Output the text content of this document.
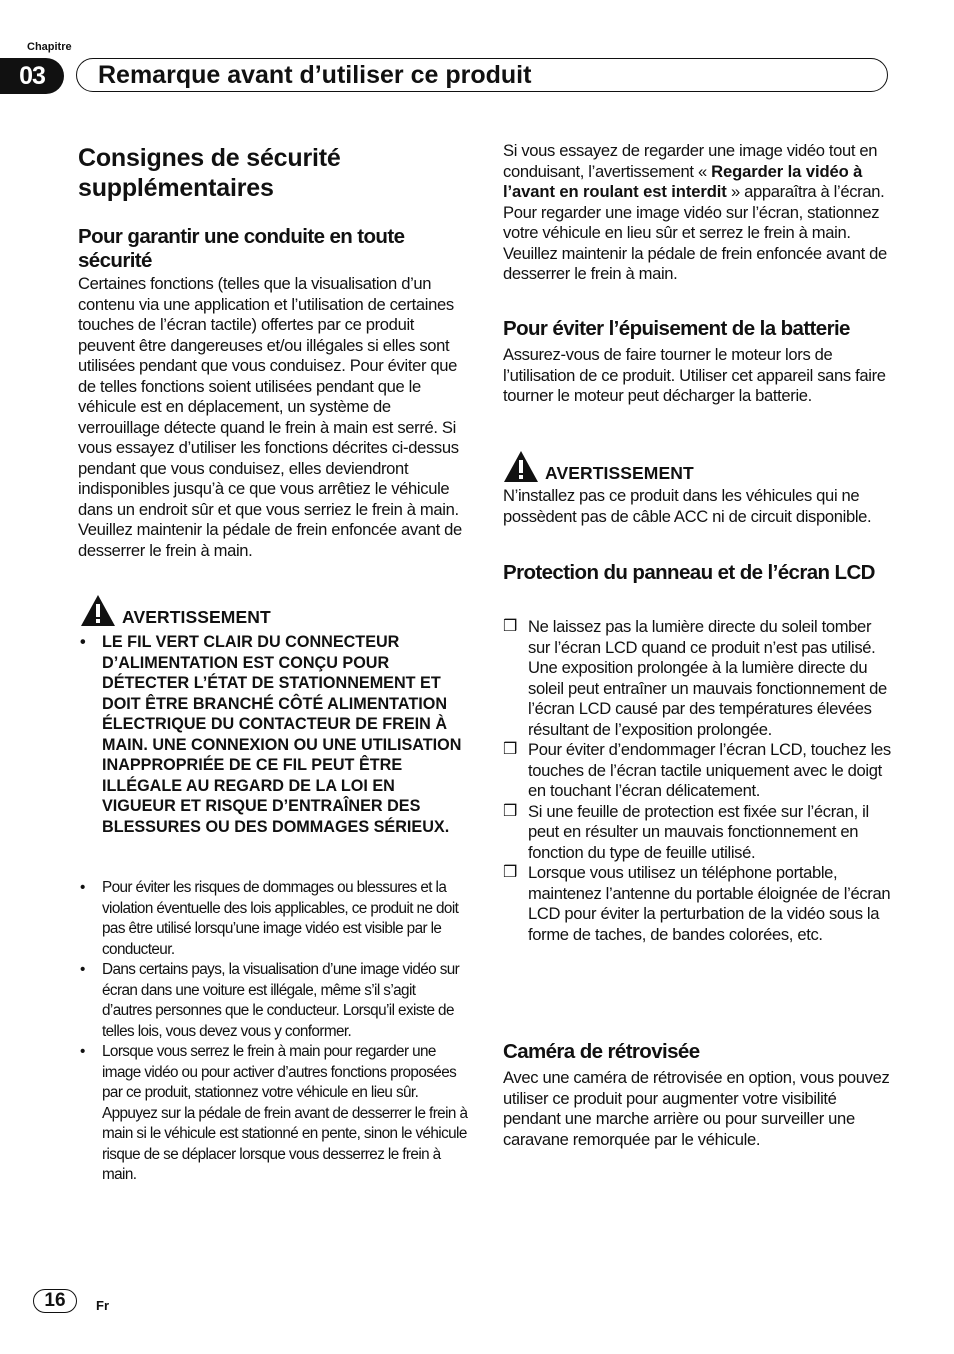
Chapitre
03	Remarque avant d’utiliser ce produit
Consignes de sécurité supplémentaires
Pour garantir une conduite en toute sécurité

Certaines fonctions (telles que la visualisation d’un contenu via une application et l’utilisation de certaines touches de l’écran tactile) offertes par ce produit peuvent être dangereuses et/ou illégales si elles sont utilisées pendant que vous conduisez. Pour éviter que de telles fonctions soient utilisées pendant que le véhicule est en déplacement, un système de verrouillage détecte quand le frein à main est serré. Si vous essayez d’utiliser les fonctions décrites ci-dessus pendant que vous conduisez, elles deviendront indisponibles jusqu’à ce que vous arrêtiez le véhicule dans un endroit sûr et que vous serriez le frein à main. Veuillez maintenir la pédale de frein enfoncée avant de desserrer le frein à main.

AVERTISSEMENT
• LE FIL VERT CLAIR DU CONNECTEUR D’ALIMENTATION EST CONÇU POUR DÉTECTER L’ÉTAT DE STATIONNEMENT ET DOIT ÊTRE BRANCHÉ CÔTÉ ALIMENTATION ÉLECTRIQUE DU CONTACTEUR DE FREIN À MAIN. UNE CONNEXION OU UNE UTILISATION INAPPROPRIÉE DE CE FIL PEUT ÊTRE ILLÉGALE AU REGARD DE LA LOI EN VIGUEUR ET RISQUE D’ENTRAÎNER DES BLESSURES OU DES DOMMAGES SÉRIEUX.
• Pour éviter les risques de dommages ou blessures et la violation éventuelle des lois applicables, ce produit ne doit pas être utilisé lorsqu’une image vidéo est visible par le conducteur.
• Dans certains pays, la visualisation d’une image vidéo sur écran dans une voiture est illégale, même s’il s’agit d’autres personnes que le conducteur. Lorsqu’il existe de telles lois, vous devez vous y conformer.
• Lorsque vous serrez le frein à main pour regarder une image vidéo ou pour activer d’autres fonctions proposées par ce produit, stationnez votre véhicule en lieu sûr. Appuyez sur la pédale de frein avant de desserrer le frein à main si le véhicule est stationné en pente, sinon le véhicule risque de se déplacer lorsque vous desserrez le frein à main.

Si vous essayez de regarder une image vidéo tout en conduisant, l’avertissement « Regarder la vidéo à l’avant en roulant est interdit » apparaîtra à l’écran. Pour regarder une image vidéo sur l’écran, stationnez votre véhicule en lieu sûr et serrez le frein à main. Veuillez maintenir la pédale de frein enfoncée avant de desserrer le frein à main.

Pour éviter l’épuisement de la batterie

Assurez-vous de faire tourner le moteur lors de l’utilisation de ce produit. Utiliser cet appareil sans faire tourner le moteur peut décharger la batterie.

AVERTISSEMENT

N’installez pas ce produit dans les véhicules qui ne possèdent pas de câble ACC ni de circuit disponible.

Protection du panneau et de l’écran LCD
❒ Ne laissez pas la lumière directe du soleil tomber sur l’écran LCD quand ce produit n’est pas utilisé. Une exposition prolongée à la lumière directe du soleil peut entraîner un mauvais fonctionnement de l’écran LCD causé par des températures élevées résultant de l’exposition prolongée.
❒ Pour éviter d’endommager l’écran LCD, touchez les touches de l’écran tactile uniquement avec le doigt en touchant l’écran délicatement.
❒ Si une feuille de protection est fixée sur l’écran, il peut en résulter un mauvais fonctionnement en fonction du type de feuille utilisé.
❒ Lorsque vous utilisez un téléphone portable, maintenez l’antenne du portable éloignée de l’écran LCD pour éviter la perturbation de la vidéo sous la forme de taches, de bandes colorées, etc.
Caméra de rétrovisée

Avec une caméra de rétrovisée en option, vous pouvez utiliser ce produit pour augmenter votre visibilité pendant une marche arrière ou pour surveiller une caravane remorquée par le véhicule.

16	Fr
